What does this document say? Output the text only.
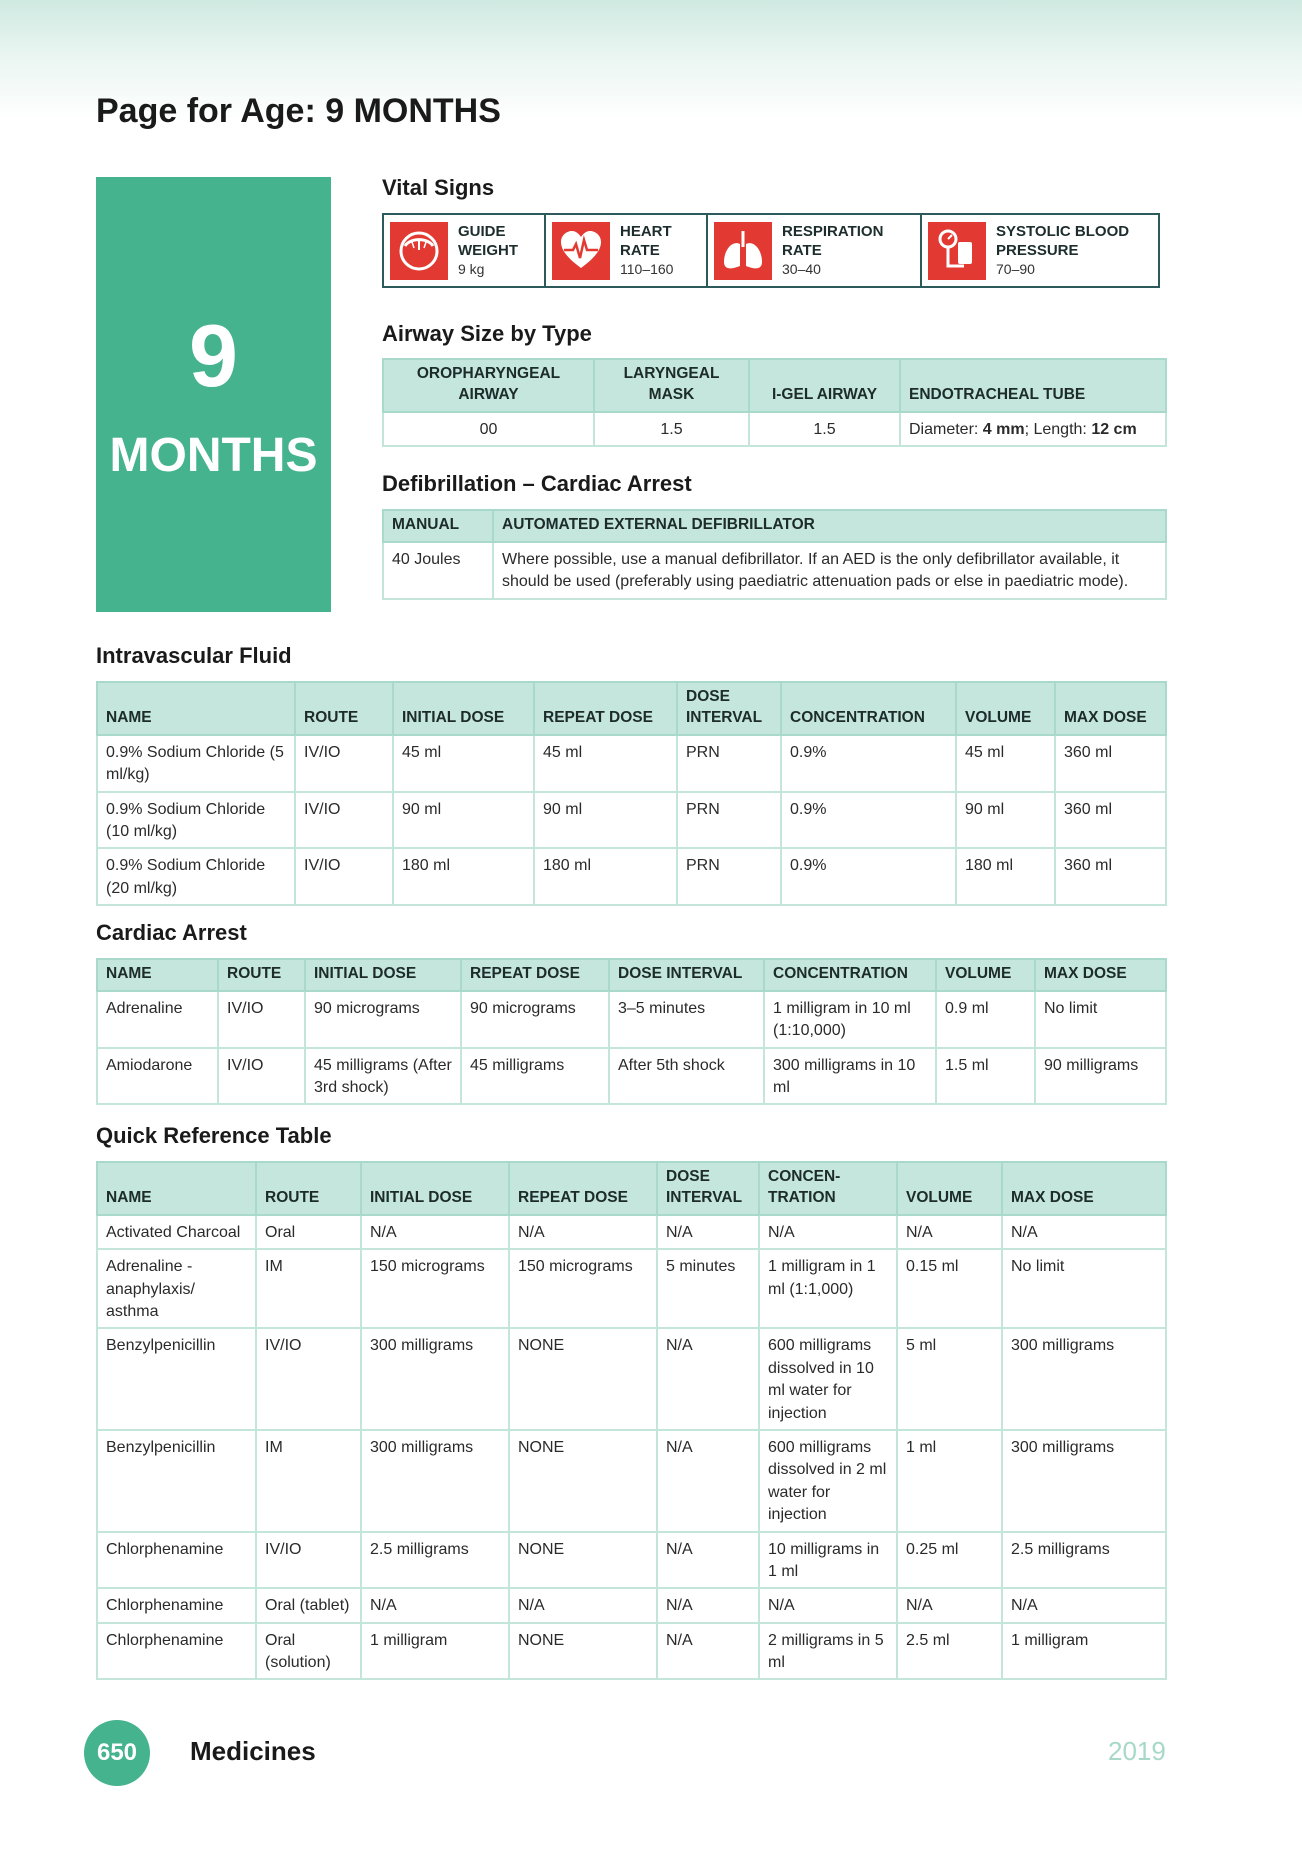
Page for Age: 9 MONTHS
9
MONTHS
Vital Signs
GUIDE
WEIGHT
9 kg
HEART
RATE
110–160
RESPIRATION
RATE
30–40
SYSTOLIC BLOOD
PRESSURE
70–90
Airway Size by Type
OROPHARYNGEAL AIRWAY	LARYNGEAL MASK	I-GEL AIRWAY	ENDOTRACHEAL TUBE
00	1.5	1.5	Diameter: 4 mm; Length: 12 cm
Defibrillation – Cardiac Arrest
MANUAL	AUTOMATED EXTERNAL DEFIBRILLATOR
40 Joules	Where possible, use a manual defibrillator. If an AED is the only defibrillator available, it should be used (preferably using paediatric attenuation pads or else in paediatric mode).
Intravascular Fluid
NAME	ROUTE	INITIAL DOSE	REPEAT DOSE	DOSE INTERVAL	CONCENTRATION	VOLUME	MAX DOSE
0.9% Sodium Chloride (5 ml/kg)	IV/IO	45 ml	45 ml	PRN	0.9%	45 ml	360 ml
0.9% Sodium Chloride (10 ml/kg)	IV/IO	90 ml	90 ml	PRN	0.9%	90 ml	360 ml
0.9% Sodium Chloride (20 ml/kg)	IV/IO	180 ml	180 ml	PRN	0.9%	180 ml	360 ml
Cardiac Arrest
NAME	ROUTE	INITIAL DOSE	REPEAT DOSE	DOSE INTERVAL	CONCENTRATION	VOLUME	MAX DOSE
Adrenaline	IV/IO	90 micrograms	90 micrograms	3–5 minutes	1 milligram in 10 ml (1:10,000)	0.9 ml	No limit
Amiodarone	IV/IO	45 milligrams (After 3rd shock)	45 milligrams	After 5th shock	300 milligrams in 10 ml	1.5 ml	90 milligrams
Quick Reference Table
NAME	ROUTE	INITIAL DOSE	REPEAT DOSE	DOSE INTERVAL	CONCEN-TRATION	VOLUME	MAX DOSE
Activated Charcoal	Oral	N/A	N/A	N/A	N/A	N/A	N/A
Adrenaline - anaphylaxis/ asthma	IM	150 micrograms	150 micrograms	5 minutes	1 milligram in 1 ml (1:1,000)	0.15 ml	No limit
Benzylpenicillin	IV/IO	300 milligrams	NONE	N/A	600 milligrams dissolved in 10 ml water for injection	5 ml	300 milligrams
Benzylpenicillin	IM	300 milligrams	NONE	N/A	600 milligrams dissolved in 2 ml water for injection	1 ml	300 milligrams
Chlorphenamine	IV/IO	2.5 milligrams	NONE	N/A	10 milligrams in 1 ml	0.25 ml	2.5 milligrams
Chlorphenamine	Oral (tablet)	N/A	N/A	N/A	N/A	N/A	N/A
Chlorphenamine	Oral (solution)	1 milligram	NONE	N/A	2 milligrams in 5 ml	2.5 ml	1 milligram
650	Medicines	2019
